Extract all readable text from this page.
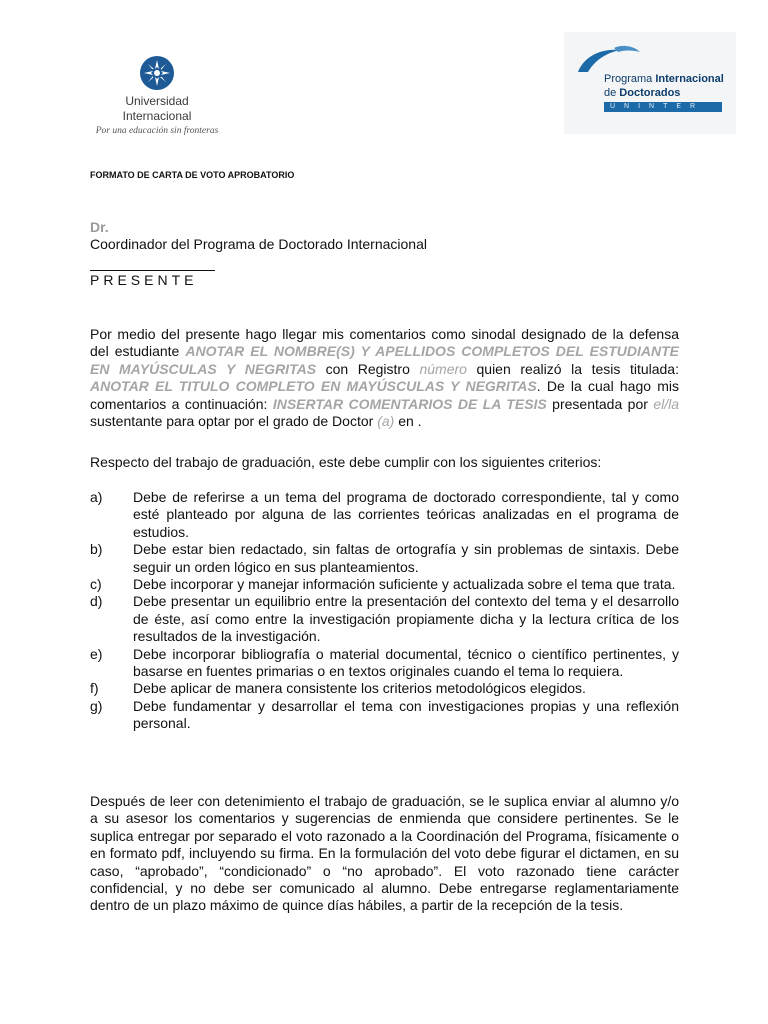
Universidad
Internacional
Por una educación sin fronteras
Programa Internacional
de Doctorados
UNINTER
FORMATO DE CARTA DE VOTO APROBATORIO
Dr.
Coordinador del Programa de Doctorado Internacional
PRESENTE
Por medio del presente hago llegar mis comentarios como sinodal designado de la defensa del estudiante ANOTAR EL NOMBRE(S) Y APELLIDOS COMPLETOS DEL ESTUDIANTE EN MAYÚSCULAS Y NEGRITAS con Registro número quien realizó la tesis titulada: ANOTAR EL TITULO COMPLETO EN MAYÚSCULAS Y NEGRITAS. De la cual hago mis comentarios a continuación: INSERTAR COMENTARIOS DE LA TESIS presentada por el/la sustentante para optar por el grado de Doctor (a) en .
Respecto del trabajo de graduación, este debe cumplir con los siguientes criterios:
a)	Debe de referirse a un tema del programa de doctorado correspondiente, tal y como esté planteado por alguna de las corrientes teóricas analizadas en el programa de estudios.
b)	Debe estar bien redactado, sin faltas de ortografía y sin problemas de sintaxis. Debe seguir un orden lógico en sus planteamientos.
c)	Debe incorporar y manejar información suficiente y actualizada sobre el tema que trata.
d)	Debe presentar un equilibrio entre la presentación del contexto del tema y el desarrollo de éste, así como entre la investigación propiamente dicha y la lectura crítica de los resultados de la investigación.
e)	Debe incorporar bibliografía o material documental, técnico o científico pertinentes, y basarse en fuentes primarias o en textos originales cuando el tema lo requiera.
f)	Debe aplicar de manera consistente los criterios metodológicos elegidos.
g)	Debe fundamentar y desarrollar el tema con investigaciones propias y una reflexión personal.
Después de leer con detenimiento el trabajo de graduación, se le suplica enviar al alumno y/o a su asesor los comentarios y sugerencias de enmienda que considere pertinentes. Se le suplica entregar por separado el voto razonado a la Coordinación del Programa, físicamente o en formato pdf, incluyendo su firma. En la formulación del voto debe figurar el dictamen, en su caso, “aprobado”, “condicionado” o “no aprobado”. El voto razonado tiene carácter confidencial, y no debe ser comunicado al alumno. Debe entregarse reglamentariamente dentro de un plazo máximo de quince días hábiles, a partir de la recepción de la tesis.
